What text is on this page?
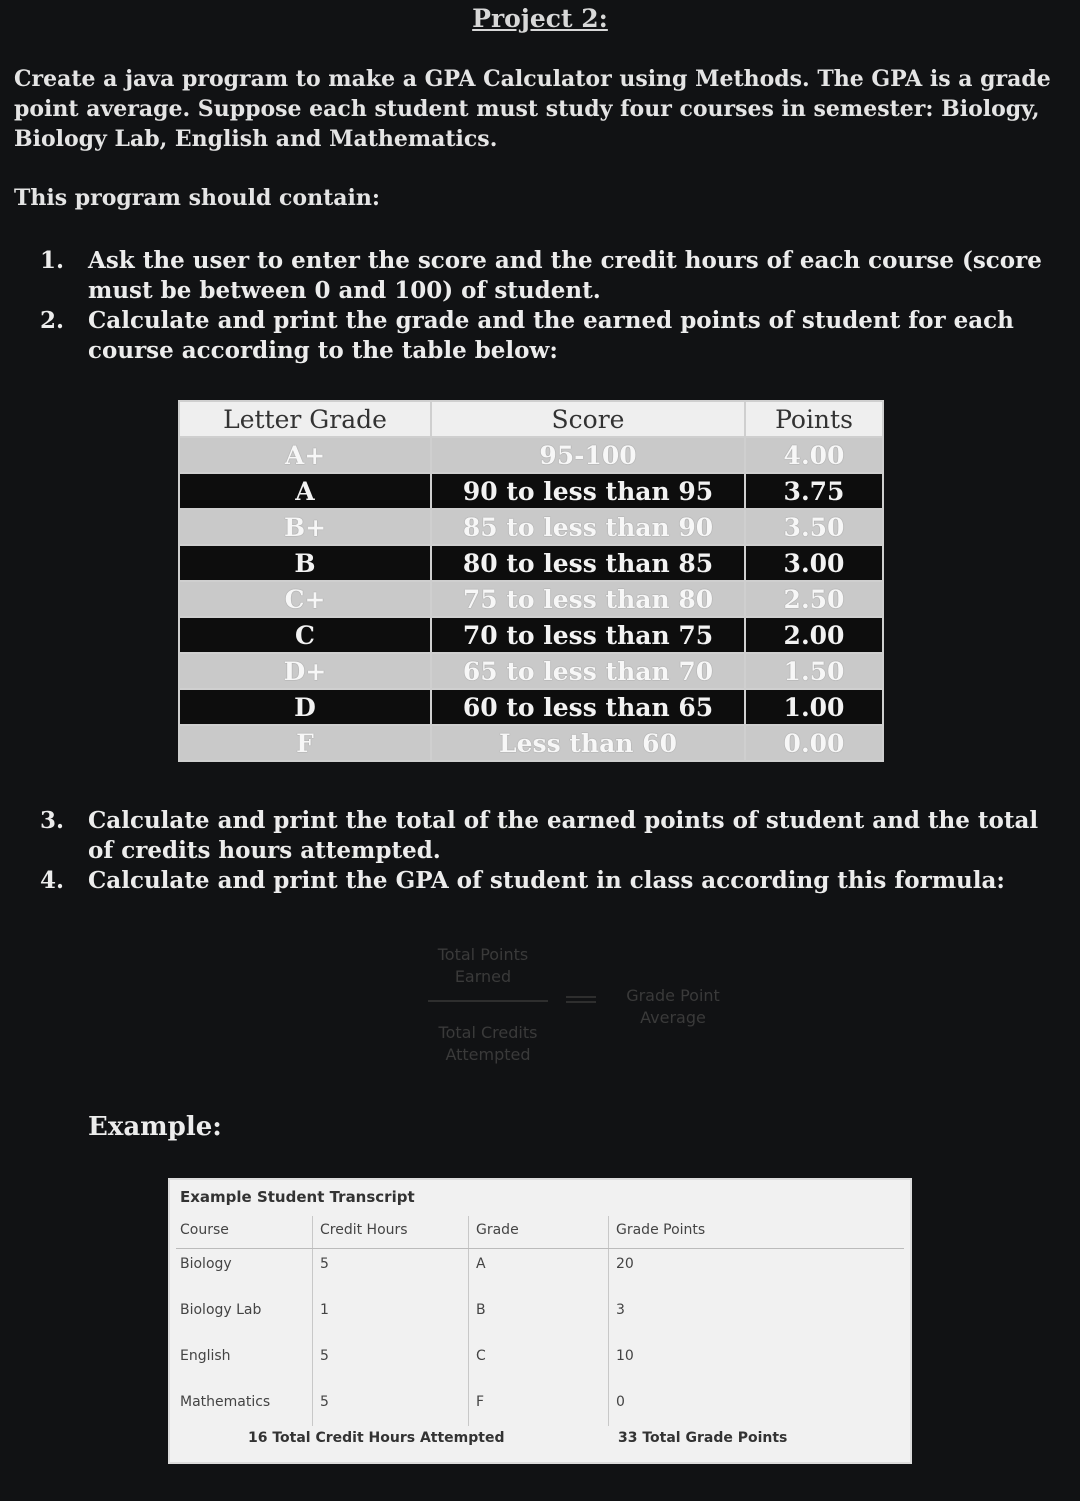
Project 2:
Create a java program to make a GPA Calculator using Methods. The GPA is a grade point average. Suppose each student must study four courses in semester: Biology, Biology Lab, English and Mathematics.
This program should contain:
1. Ask the user to enter the score and the credit hours of each course (score must be between 0 and 100) of student.
2. Calculate and print the grade and the earned points of student for each course according to the table below:
Letter Grade	Score	Points
A+	95-100	4.00
A	90 to less than 95	3.75
B+	85 to less than 90	3.50
B	80 to less than 85	3.00
C+	75 to less than 80	2.50
C	70 to less than 75	2.00
D+	65 to less than 70	1.50
D	60 to less than 65	1.00
F	Less than 60	0.00
3. Calculate and print the total of the earned points of student and the total of credits hours attempted.
4. Calculate and print the GPA of student in class according this formula:
Total Points Earned
Total Credits Attempted
Grade Point Average
Example:
Example Student Transcript
Course	Credit Hours	Grade	Grade Points
Biology	5	A	20
Biology Lab	1	B	3
English	5	C	10
Mathematics	5	F	0
16 Total Credit Hours Attempted	33 Total Grade Points
